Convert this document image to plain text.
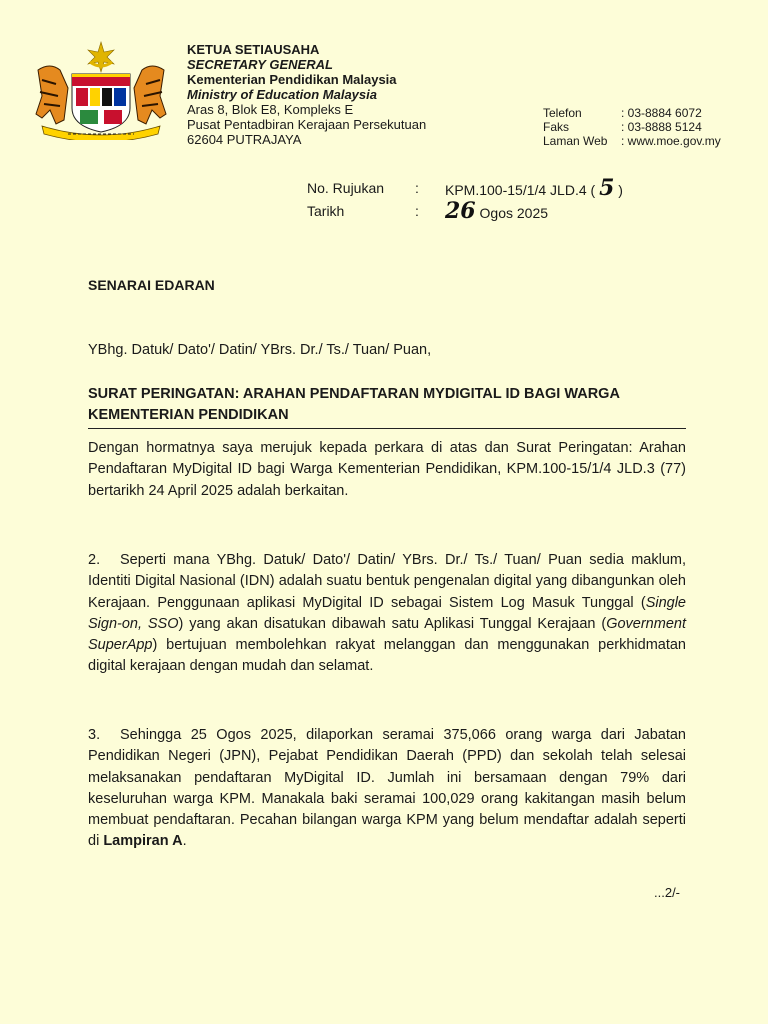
KETUA SETIAUSAHA
SECRETARY GENERAL
Kementerian Pendidikan Malaysia
Ministry of Education Malaysia
Aras 8, Blok E8, Kompleks E
Pusat Pentadbiran Kerajaan Persekutuan
62604 PUTRAJAYA
Telefon	: 03-8884 6072
Faks	: 03-8888 5124
Laman Web	: www.moe.gov.my
No. Rujukan	:	KPM.100-15/1/4 JLD.4 ( 5 )
Tarikh	:	26 Ogos 2025
SENARAI EDARAN
YBhg. Datuk/ Dato'/ Datin/ YBrs. Dr./ Ts./ Tuan/ Puan,
SURAT PERINGATAN: ARAHAN PENDAFTARAN MYDIGITAL ID BAGI WARGA KEMENTERIAN PENDIDIKAN
Dengan hormatnya saya merujuk kepada perkara di atas dan Surat Peringatan: Arahan Pendaftaran MyDigital ID bagi Warga Kementerian Pendidikan, KPM.100-15/1/4 JLD.3 (77) bertarikh 24 April 2025 adalah berkaitan.
2. Seperti mana YBhg. Datuk/ Dato'/ Datin/ YBrs. Dr./ Ts./ Tuan/ Puan sedia maklum, Identiti Digital Nasional (IDN) adalah suatu bentuk pengenalan digital yang dibangunkan oleh Kerajaan. Penggunaan aplikasi MyDigital ID sebagai Sistem Log Masuk Tunggal (Single Sign-on, SSO) yang akan disatukan dibawah satu Aplikasi Tunggal Kerajaan (Government SuperApp) bertujuan membolehkan rakyat melanggan dan menggunakan perkhidmatan digital kerajaan dengan mudah dan selamat.
3. Sehingga 25 Ogos 2025, dilaporkan seramai 375,066 orang warga dari Jabatan Pendidikan Negeri (JPN), Pejabat Pendidikan Daerah (PPD) dan sekolah telah selesai melaksanakan pendaftaran MyDigital ID. Jumlah ini bersamaan dengan 79% dari keseluruhan warga KPM. Manakala baki seramai 100,029 orang kakitangan masih belum membuat pendaftaran. Pecahan bilangan warga KPM yang belum mendaftar adalah seperti di Lampiran A.
...2/-
